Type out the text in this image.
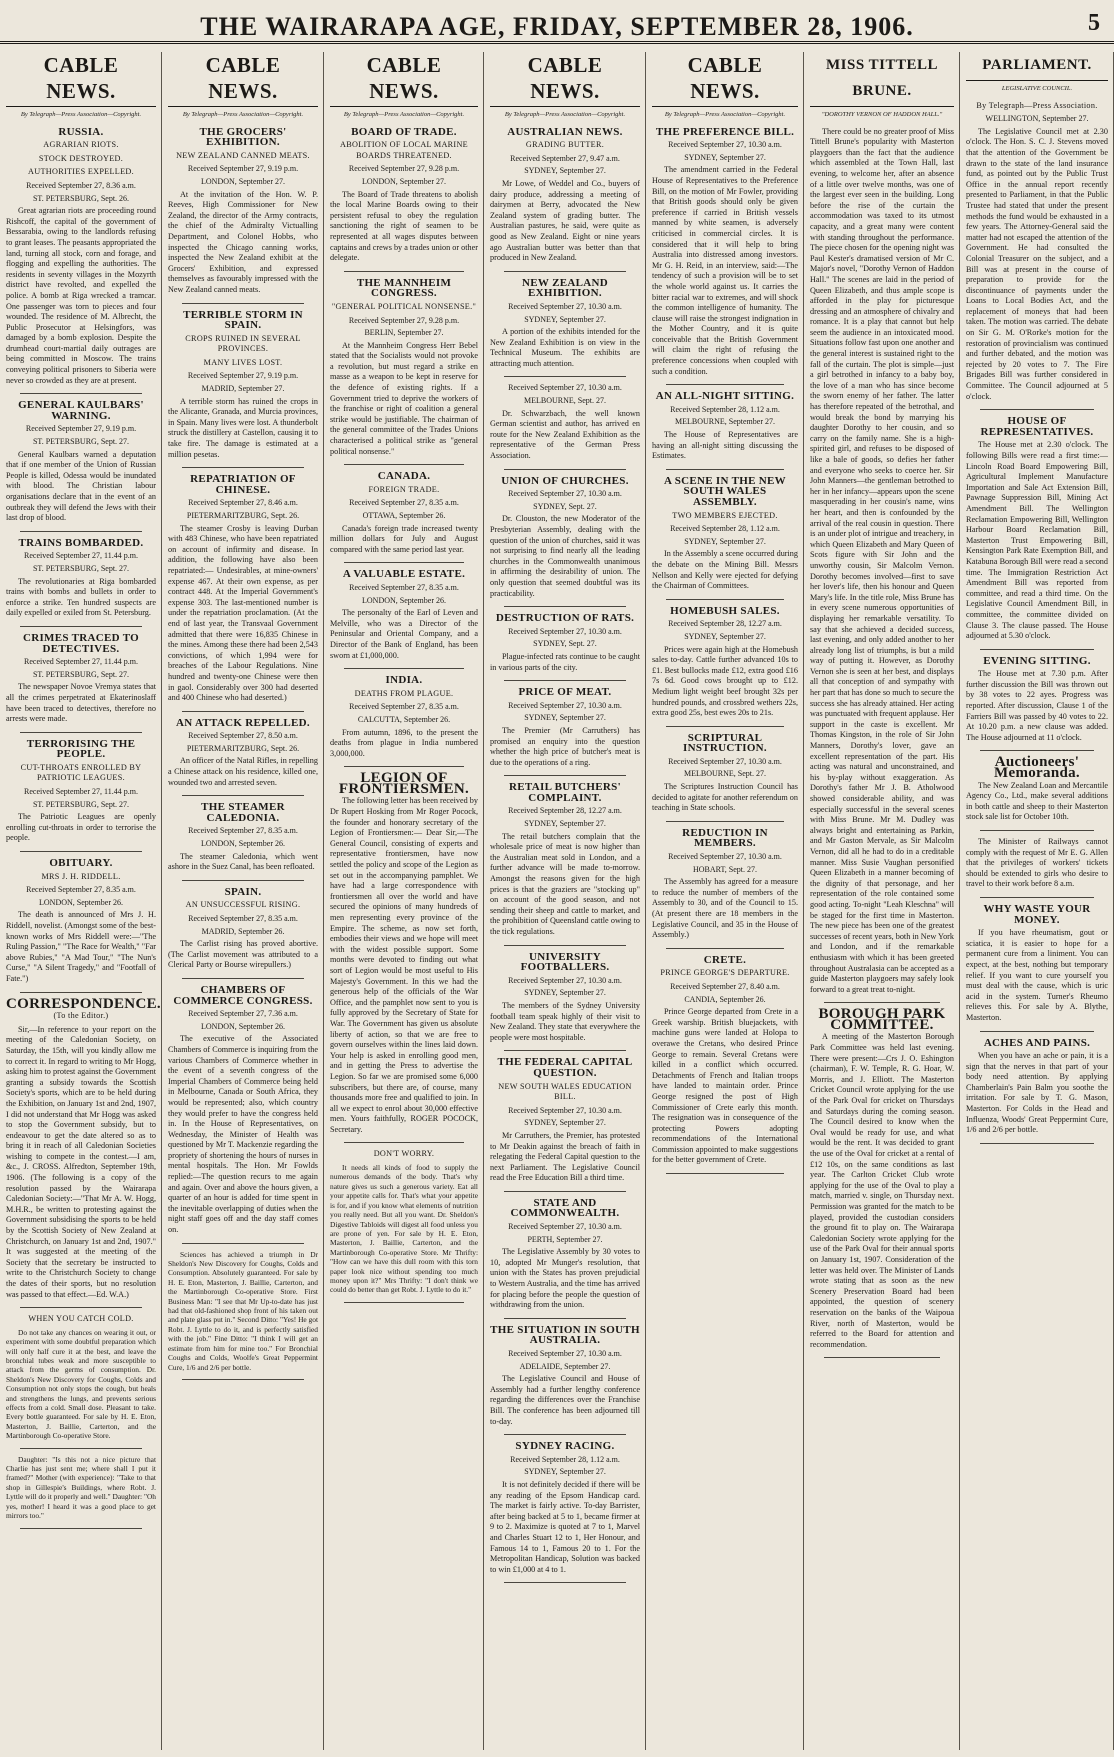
THE WAIRARAPA AGE, FRIDAY, SEPTEMBER 28, 1906.	5
CABLE NEWS.
By Telegraph—Press Association—Copyright.
RUSSIA.
AGRARIAN RIOTS.
STOCK DESTROYED.
AUTHORITIES EXPELLED.
Received September 27, 8.36 a.m.
ST. PETERSBURG, Sept. 26.
Great agrarian riots are proceeding round Rishcoff, the capital of the government of Bessarabia, owing to the landlords refusing to grant leases. The peasants appropriated the land, turning all stock, corn and forage, and flogging and expelling the authorities. The residents in seventy villages in the Mozyrth district have revolted, and expelled the police. A bomb at Riga wrecked a tramcar. One passenger was torn to pieces and four wounded. The residence of M. Albrecht, the Public Prosecutor at Helsingfors, was damaged by a bomb explosion. Despite the drumhead court-martial daily outrages are being committed in Moscow. The trains conveying political prisoners to Siberia were never so crowded as they are at present.
GENERAL KAULBARS' WARNING.
Received September 27, 9.19 p.m.
ST. PETERSBURG, Sept. 27.
General Kaulbars warned a deputation that if one member of the Union of Russian People is killed, Odessa would be inundated with blood. The Christian labour organisations declare that in the event of an outbreak they will defend the Jews with their last drop of blood.
TRAINS BOMBARDED.
Received September 27, 11.44 p.m.
ST. PETERSBURG, Sept. 27.
The revolutionaries at Riga bombarded trains with bombs and bullets in order to enforce a strike. Ten hundred suspects are daily expelled or exiled from St. Petersburg.
CRIMES TRACED TO DETECTIVES.
Received September 27, 11.44 p.m.
ST. PETERSBURG, Sept. 27.
The newspaper Novoe Vremya states that all the crimes perpetrated at Ekaterinoslaff have been traced to detectives, therefore no arrests were made.
TERRORISING THE PEOPLE.
CUT-THROATS ENROLLED BY PATRIOTIC LEAGUES.
Received September 27, 11.44 p.m.
ST. PETERSBURG, Sept. 27.
The Patriotic Leagues are openly enrolling cut-throats in order to terrorise the people.
OBITUARY.
MRS J. H. RIDDELL.
Received September 27, 8.35 a.m.
LONDON, September 26.
The death is announced of Mrs J. H. Riddell, novelist. (Amongst some of the best-known works of Mrs Riddell were:—"The Ruling Passion," "The Race for Wealth," "Far above Rubies," "A Mad Tour," "The Nun's Curse," "A Silent Tragedy," and "Footfall of Fate.")
CORRESPONDENCE.
(To the Editor.)
Sir,—In reference to your report on the meeting of the Caledonian Society, on Saturday, the 15th, will you kindly allow me to correct it. In regard to writing to Mr Hogg, asking him to protest against the Government granting a subsidy towards the Scottish Society's sports, which are to be held during the Exhibition, on January 1st and 2nd, 1907, I did not understand that Mr Hogg was asked to stop the Government subsidy, but to endeavour to get the date altered so as to bring it in reach of all Caledonian Societies wishing to compete in the contest.—I am, &c., J. CROSS. Alfredton, September 19th, 1906. (The following is a copy of the resolution passed by the Wairarapa Caledonian Society:—"That Mr A. W. Hogg, M.H.R., be written to protesting against the Government subsidising the sports to be held by the Scottish Society of New Zealand at Christchurch, on January 1st and 2nd, 1907." It was suggested at the meeting of the Society that the secretary be instructed to write to the Christchurch Society to change the dates of their sports, but no resolution was passed to that effect.—Ed. W.A.)
WHEN YOU CATCH COLD.
Do not take any chances on wearing it out, or experiment with some doubtful preparation which will only half cure it at the best, and leave the bronchial tubes weak and more susceptible to attack from the germs of consumption. Dr. Sheldon's New Discovery for Coughs, Colds and Consumption not only stops the cough, but heals and strengthens the lungs, and prevents serious effects from a cold. Small dose. Pleasant to take. Every bottle guaranteed. For sale by H. E. Eton, Masterton, J. Baillie, Carterton, and the Martinborough Co-operative Store.
Daughter: "Is this not a nice picture that Charlie has just sent me; where shall I put it framed?" Mother (with experience): "Take to that shop in Gillespie's Buildings, where Robt. J. Lyttle will do it properly and well." Daughter: "Oh yes, mother! I heard it was a good place to get mirrors too."
CABLE NEWS.
By Telegraph—Press Association—Copyright.
THE GROCERS' EXHIBITION.
NEW ZEALAND CANNED MEATS.
Received September 27, 9.19 p.m.
LONDON, September 27.
At the invitation of the Hon. W. P. Reeves, High Commissioner for New Zealand, the director of the Army contracts, the chief of the Admiralty Victualling Department, and Colonel Hobbs, who inspected the Chicago canning works, inspected the New Zealand exhibit at the Grocers' Exhibition, and expressed themselves as favourably impressed with the New Zealand canned meats.
TERRIBLE STORM IN SPAIN.
CROPS RUINED IN SEVERAL PROVINCES.
MANY LIVES LOST.
Received September 27, 9.19 p.m.
MADRID, September 27.
A terrible storm has ruined the crops in the Alicante, Granada, and Murcia provinces, in Spain. Many lives were lost. A thunderbolt struck the distillery at Castellon, causing it to take fire. The damage is estimated at a million pesetas.
REPATRIATION OF CHINESE.
Received September 27, 8.46 a.m.
PIETERMARITZBURG, Sept. 26.
The steamer Crosby is leaving Durban with 483 Chinese, who have been repatriated on account of infirmity and disease. In addition, the following have also been repatriated:— Undesirables, at mine-owners' expense 467. At their own expense, as per contract 448. At the Imperial Government's expense 303. The last-mentioned number is under the repatriation proclamation. (At the end of last year, the Transvaal Government admitted that there were 16,835 Chinese in the mines. Among these there had been 2,543 convictions, of which 1,994 were for breaches of the Labour Regulations. Nine hundred and twenty-one Chinese were then in gaol. Considerably over 300 had deserted and 400 Chinese who had deserted.)
AN ATTACK REPELLED.
Received September 27, 8.50 a.m.
PIETERMARITZBURG, Sept. 26.
An officer of the Natal Rifles, in repelling a Chinese attack on his residence, killed one, wounded two and arrested seven.
THE STEAMER CALEDONIA.
Received September 27, 8.35 a.m.
LONDON, September 26.
The steamer Caledonia, which went ashore in the Suez Canal, has been refloated.
SPAIN.
AN UNSUCCESSFUL RISING.
Received September 27, 8.35 a.m.
MADRID, September 26.
The Carlist rising has proved abortive. (The Carlist movement was attributed to a Clerical Party or Bourse wirepullers.)
CHAMBERS OF COMMERCE CONGRESS.
Received September 27, 7.36 a.m.
LONDON, September 26.
The executive of the Associated Chambers of Commerce is inquiring from the various Chambers of Commerce whether in the event of a seventh congress of the Imperial Chambers of Commerce being held in Melbourne, Canada or South Africa, they would be represented; also, which country they would prefer to have the congress held in. In the House of Representatives, on Wednesday, the Minister of Health was questioned by Mr T. Mackenzie regarding the propriety of shortening the hours of nurses in mental hospitals. The Hon. Mr Fowlds replied:—The question recurs to me again and again. Over and above the hours given, a quarter of an hour is added for time spent in the inevitable overlapping of duties when the night staff goes off and the day staff comes on.
Sciences has achieved a triumph in Dr Sheldon's New Discovery for Coughs, Colds and Consumption. Absolutely guaranteed. For sale by H. E. Eton, Masterton, J. Baillie, Carterton, and the Martinborough Co-operative Store. First Business Man: "I see that Mr Up-to-date has just had that old-fashioned shop front of his taken out and plate glass put in." Second Ditto: "Yes! He got Robt. J. Lyttle to do it, and is perfectly satisfied with the job." Fine Ditto: "I think I will get an estimate from him for mine too." For Bronchial Coughs and Colds, Woolfe's Great Peppermint Cure, 1/6 and 2/6 per bottle.
CABLE NEWS.
By Telegraph—Press Association—Copyright.
BOARD OF TRADE.
ABOLITION OF LOCAL MARINE BOARDS THREATENED.
Received September 27, 9.28 p.m.
LONDON, September 27.
The Board of Trade threatens to abolish the local Marine Boards owing to their persistent refusal to obey the regulation sanctioning the right of seamen to be represented at all wages disputes between captains and crews by a trades union or other delegate.
THE MANNHEIM CONGRESS.
"GENERAL POLITICAL NONSENSE."
Received September 27, 9.28 p.m.
BERLIN, September 27.
At the Mannheim Congress Herr Bebel stated that the Socialists would not provoke a revolution, but must regard a strike en masse as a weapon to be kept in reserve for the defence of existing rights. If a Government tried to deprive the workers of the franchise or right of coalition a general strike would be justifiable. The chairman of the general committee of the Trades Unions characterised a political strike as "general political nonsense."
CANADA.
FOREIGN TRADE.
Received September 27, 8.35 a.m.
OTTAWA, September 26.
Canada's foreign trade increased twenty million dollars for July and August compared with the same period last year.
A VALUABLE ESTATE.
Received September 27, 8.35 a.m.
LONDON, September 26.
The personalty of the Earl of Leven and Melville, who was a Director of the Peninsular and Oriental Company, and a Director of the Bank of England, has been sworn at £1,000,000.
INDIA.
DEATHS FROM PLAGUE.
Received September 27, 8.35 a.m.
CALCUTTA, September 26.
From autumn, 1896, to the present the deaths from plague in India numbered 3,000,000.
LEGION OF FRONTIERSMEN.
The following letter has been received by Dr Rupert Hosking from Mr Roger Pocock, the founder and honorary secretary of the Legion of Frontiersmen:— Dear Sir,—The General Council, consisting of experts and representative frontiersmen, have now settled the policy and scope of the Legion as set out in the accompanying pamphlet. We have had a large correspondence with frontiersmen all over the world and have secured the opinions of many hundreds of men representing every province of the Empire. The scheme, as now set forth, embodies their views and we hope will meet with the widest possible support. Some months were devoted to finding out what sort of Legion would be most useful to His Majesty's Government. In this we had the generous help of the officials of the War Office, and the pamphlet now sent to you is fully approved by the Secretary of State for War. The Government has given us absolute liberty of action, so that we are free to govern ourselves within the lines laid down. Your help is asked in enrolling good men, and in getting the Press to advertise the Legion. So far we are promised some 6,000 subscribers, but there are, of course, many thousands more free and qualified to join. In all we expect to enrol about 30,000 effective men. Yours faithfully, ROGER POCOCK, Secretary.
DON'T WORRY.
It needs all kinds of food to supply the numerous demands of the body. That's why nature gives us such a generous variety. Eat all your appetite calls for. That's what your appetite is for, and if you know what elements of nutrition you really need. But all you want. Dr. Sheldon's Digestive Tabloids will digest all food unless you are prone of yen. For sale by H. E. Eton, Masterton, J. Baillie, Carterton, and the Martinborough Co-operative Store. Mr Thrifty: "How can we have this dull room with this torn paper look nice without spending too much money upon it?" Mrs Thrifty: "I don't think we could do better than get Robt. J. Lyttle to do it."
CABLE NEWS.
By Telegraph—Press Association—Copyright.
AUSTRALIAN NEWS.
GRADING BUTTER.
Received September 27, 9.47 a.m.
SYDNEY, September 27.
Mr Lowe, of Weddel and Co., buyers of dairy produce, addressing a meeting of dairymen at Berry, advocated the New Zealand system of grading butter. The Australian pastures, he said, were quite as good as New Zealand. Eight or nine years ago Australian butter was better than that produced in New Zealand.
NEW ZEALAND EXHIBITION.
Received September 27, 10.30 a.m.
SYDNEY, September 27.
A portion of the exhibits intended for the New Zealand Exhibition is on view in the Technical Museum. The exhibits are attracting much attention.
Received September 27, 10.30 a.m.
MELBOURNE, Sept. 27.
Dr. Schwarzbach, the well known German scientist and author, has arrived en route for the New Zealand Exhibition as the representative of the German Press Association.
UNION OF CHURCHES.
Received September 27, 10.30 a.m.
SYDNEY, Sept. 27.
Dr. Clouston, the new Moderator of the Presbyterian Assembly, dealing with the question of the union of churches, said it was not surprising to find nearly all the leading churches in the Commonwealth unanimous in affirming the desirability of union. The only question that seemed doubtful was its practicability.
DESTRUCTION OF RATS.
Received September 27, 10.30 a.m.
SYDNEY, Sept. 27.
Plague-infected rats continue to be caught in various parts of the city.
PRICE OF MEAT.
Received September 27, 10.30 a.m.
SYDNEY, September 27.
The Premier (Mr Carruthers) has promised an enquiry into the question whether the high price of butcher's meat is due to the operations of a ring.
RETAIL BUTCHERS' COMPLAINT.
Received September 28, 12.27 a.m.
SYDNEY, September 27.
The retail butchers complain that the wholesale price of meat is now higher than the Australian meat sold in London, and a further advance will be made to-morrow. Amongst the reasons given for the high prices is that the graziers are "stocking up" on account of the good season, and not sending their sheep and cattle to market, and the prohibition of Queensland cattle owing to the tick regulations.
UNIVERSITY FOOTBALLERS.
Received September 27, 10.30 a.m.
SYDNEY, September 27.
The members of the Sydney University football team speak highly of their visit to New Zealand. They state that everywhere the people were most hospitable.
THE FEDERAL CAPITAL QUESTION.
NEW SOUTH WALES EDUCATION BILL.
Received September 27, 10.30 a.m.
SYDNEY, September 27.
Mr Carruthers, the Premier, has protested to Mr Deakin against the breach of faith in relegating the Federal Capital question to the next Parliament. The Legislative Council read the Free Education Bill a third time.
STATE AND COMMONWEALTH.
Received September 27, 10.30 a.m.
PERTH, September 27.
The Legislative Assembly by 30 votes to 10, adopted Mr Munger's resolution, that union with the States has proven prejudicial to Western Australia, and the time has arrived for placing before the people the question of withdrawing from the union.
THE SITUATION IN SOUTH AUSTRALIA.
Received September 27, 10.30 a.m.
ADELAIDE, September 27.
The Legislative Council and House of Assembly had a further lengthy conference regarding the differences over the Franchise Bill. The conference has been adjourned till to-day.
SYDNEY RACING.
Received September 28, 1.12 a.m.
SYDNEY, September 27.
It is not definitely decided if there will be any reading of the Epsom Handicap card. The market is fairly active. To-day Barrister, after being backed at 5 to 1, became firmer at 9 to 2. Maximize is quoted at 7 to 1, Marvel and Charles Stuart 12 to 1, Her Honour, and Famous 14 to 1, Famous 20 to 1. For the Metropolitan Handicap, Solution was backed to win £1,000 at 4 to 1.
CABLE NEWS.
By Telegraph—Press Association—Copyright.
THE PREFERENCE BILL.
Received September 27, 10.30 a.m.
SYDNEY, September 27.
The amendment carried in the Federal House of Representatives to the Preference Bill, on the motion of Mr Fowler, providing that British goods should only be given preference if carried in British vessels manned by white seamen, is adversely criticised in commercial circles. It is considered that it will help to bring Australia into distressed among investors. Mr G. H. Reid, in an interview, said:—The tendency of such a provision will be to set the whole world against us. It carries the bitter racial war to extremes, and will shock the common intelligence of humanity. The clause will raise the strongest indignation in the Mother Country, and it is quite conceivable that the British Government will claim the right of refusing the preference concessions when coupled with such a condition.
AN ALL-NIGHT SITTING.
Received September 28, 1.12 a.m.
MELBOURNE, September 27.
The House of Representatives are having an all-night sitting discussing the Estimates.
A SCENE IN THE NEW SOUTH WALES ASSEMBLY.
TWO MEMBERS EJECTED.
Received September 28, 1.12 a.m.
SYDNEY, September 27.
In the Assembly a scene occurred during the debate on the Mining Bill. Messrs Nellson and Kelly were ejected for defying the Chairman of Committees.
HOMEBUSH SALES.
Received September 28, 12.27 a.m.
SYDNEY, September 27.
Prices were again high at the Homebush sales to-day. Cattle further advanced 10s to £1. Best bullocks made £12, extra good £16 7s 6d. Good cows brought up to £12. Medium light weight beef brought 32s per hundred pounds, and crossbred wethers 22s, extra good 25s, best ewes 20s to 21s.
SCRIPTURAL INSTRUCTION.
Received September 27, 10.30 a.m.
MELBOURNE, Sept. 27.
The Scriptures Instruction Council has decided to agitate for another referendum on teaching in State schools.
REDUCTION IN MEMBERS.
Received September 27, 10.30 a.m.
HOBART, Sept. 27.
The Assembly has agreed for a measure to reduce the number of members of the Assembly to 30, and of the Council to 15. (At present there are 18 members in the Legislative Council, and 35 in the House of Assembly.)
CRETE.
PRINCE GEORGE'S DEPARTURE.
Received September 27, 8.40 a.m.
CANDIA, September 26.
Prince George departed from Crete in a Greek warship. British bluejackets, with machine guns were landed at Holopa to overawe the Cretans, who desired Prince George to remain. Several Cretans were killed in a conflict which occurred. Detachments of French and Italian troops have landed to maintain order. Prince George resigned the post of High Commissioner of Crete early this month. The resignation was in consequence of the protecting Powers adopting recommendations of the International Commission appointed to make suggestions for the better government of Crete.
MISS TITTELL BRUNE.
"DOROTHY VERNON OF HADDON HALL."
There could be no greater proof of Miss Tittell Brune's popularity with Masterton playgoers than the fact that the audience which assembled at the Town Hall, last evening, to welcome her, after an absence of a little over twelve months, was one of the largest ever seen in the building. Long before the rise of the curtain the accommodation was taxed to its utmost capacity, and a great many were content with standing throughout the performance. The piece chosen for the opening night was Paul Kester's dramatised version of Mr C. Major's novel, "Dorothy Vernon of Haddon Hall." The scenes are laid in the period of Queen Elizabeth, and thus ample scope is afforded in the play for picturesque dressing and an atmosphere of chivalry and romance. It is a play that cannot but help seem the audience in an intoxicated mood. Situations follow fast upon one another and the general interest is sustained right to the fall of the curtain. The plot is simple—just a girl betrothed in infancy to a baby boy, the love of a man who has since become the sworn enemy of her father. The latter has therefore repeated of the betrothal, and would break the bond by marrying his daughter Dorothy to her cousin, and so carry on the family name. She is a high-spirited girl, and refuses to be disposed of like a bale of goods, so defies her father and everyone who seeks to coerce her. Sir John Manners—the gentleman betrothed to her in her infancy—appears upon the scene masquerading in her cousin's name, wins her heart, and then is confounded by the arrival of the real cousin in question. There is an under plot of intrigue and treachery, in which Queen Elizabeth and Mary Queen of Scots figure with Sir John and the unworthy cousin, Sir Malcolm Vernon. Dorothy becomes involved—first to save her lover's life, then his honour and Queen Mary's life. In the title role, Miss Brune has in every scene numerous opportunities of displaying her remarkable versatility. To say that she achieved a decided success, last evening, and only added another to her already long list of triumphs, is but a mild way of putting it. However, as Dorothy Vernon she is seen at her best, and displays all that conception of and sympathy with her part that has done so much to secure the success she has already attained. Her acting was punctuated with frequent applause. Her support in the caste is excellent. Mr Thomas Kingston, in the role of Sir John Manners, Dorothy's lover, gave an excellent representation of the part. His acting was natural and unconstrained, and his by-play without exaggeration. As Dorothy's father Mr J. B. Atholwood showed considerable ability, and was especially successful in the several scenes with Miss Brune. Mr M. Dudley was always bright and entertaining as Parkin, and Mr Gaston Mervale, as Sir Malcolm Vernon, did all he had to do in a creditable manner. Miss Susie Vaughan personified Queen Elizabeth in a manner becoming of the dignity of that personage, and her representation of the role contained some good acting. To-night "Leah Kleschna" will be staged for the first time in Masterton. The new piece has been one of the greatest successes of recent years, both in New York and London, and if the remarkable enthusiasm with which it has been greeted throughout Australasia can be accepted as a guide Masterton playgoers may safely look forward to a great treat to-night.
BOROUGH PARK COMMITTEE.
A meeting of the Masterton Borough Park Committee was held last evening. There were present:—Crs J. O. Eshington (chairman), F. W. Temple, R. G. Hoar, W. Morris, and J. Elliott. The Masterton Cricket Council wrote applying for the use of the Park Oval for cricket on Thursdays and Saturdays during the coming season. The Council desired to know when the Oval would be ready for use, and what would be the rent. It was decided to grant the use of the Oval for cricket at a rental of £12 10s, on the same conditions as last year. The Carlton Cricket Club wrote applying for the use of the Oval to play a match, married v. single, on Thursday next. Permission was granted for the match to be played, provided the custodian considers the ground fit to play on. The Wairarapa Caledonian Society wrote applying for the use of the Park Oval for their annual sports on January 1st, 1907. Consideration of the letter was held over. The Minister of Lands wrote stating that as soon as the new Scenery Preservation Board had been appointed, the question of scenery reservation on the banks of the Waipoua River, north of Masterton, would be referred to the Board for attention and recommendation.
PARLIAMENT.
LEGISLATIVE COUNCIL.
By Telegraph—Press Association.
WELLINGTON, September 27.
The Legislative Council met at 2.30 o'clock. The Hon. S. C. J. Stevens moved that the attention of the Government be drawn to the state of the land insurance fund, as pointed out by the Public Trust Office in the annual report recently presented to Parliament, in that the Public Trustee had stated that under the present methods the fund would be exhausted in a few years. The Attorney-General said the matter had not escaped the attention of the Government. He had consulted the Colonial Treasurer on the subject, and a Bill was at present in the course of preparation to provide for the discontinuance of payments under the Loans to Local Bodies Act, and the replacement of moneys that had been taken. The motion was carried. The debate on Sir G. M. O'Rorke's motion for the restoration of provincialism was continued and further debated, and the motion was rejected by 20 votes to 7. The Fire Brigades Bill was further considered in Committee. The Council adjourned at 5 o'clock.
HOUSE OF REPRESENTATIVES.
The House met at 2.30 o'clock. The following Bills were read a first time:—Lincoln Road Board Empowering Bill, Agricultural Implement Manufacture Importation and Sale Act Extension Bill, Pawnage Suppression Bill, Mining Act Amendment Bill. The Wellington Reclamation Empowering Bill, Wellington Harbour Board Reclamation Bill, Masterton Trust Empowering Bill, Kensington Park Rate Exemption Bill, and Katabuna Borough Bill were read a second time. The Immigration Restriction Act Amendment Bill was reported from committee, and read a third time. On the Legislative Council Amendment Bill, in committee, the committee divided on Clause 3. The clause passed. The House adjourned at 5.30 o'clock.
EVENING SITTING.
The House met at 7.30 p.m. After further discussion the Bill was thrown out by 38 votes to 22 ayes. Progress was reported. After discussion, Clause 1 of the Farriers Bill was passed by 40 votes to 22. At 10.20 p.m. a new clause was added. The House adjourned at 11 o'clock.
Auctioneers' Memoranda.
The New Zealand Loan and Mercantile Agency Co., Ltd., make several additions in both cattle and sheep to their Masterton stock sale list for October 10th.
The Minister of Railways cannot comply with the request of Mr E. G. Allen that the privileges of workers' tickets should be extended to girls who desire to travel to their work before 8 a.m.
WHY WASTE YOUR MONEY.
If you have rheumatism, gout or sciatica, it is easier to hope for a permanent cure from a liniment. You can expect, at the best, nothing but temporary relief. If you want to cure yourself you must deal with the cause, which is uric acid in the system. Turner's Rheumo relieves this. For sale by A. Blythe, Masterton.
ACHES AND PAINS.
When you have an ache or pain, it is a sign that the nerves in that part of your body need attention. By applying Chamberlain's Pain Balm you soothe the irritation. For sale by T. G. Mason, Masterton. For Colds in the Head and Influenza, Woods' Great Peppermint Cure, 1/6 and 2/6 per bottle.
